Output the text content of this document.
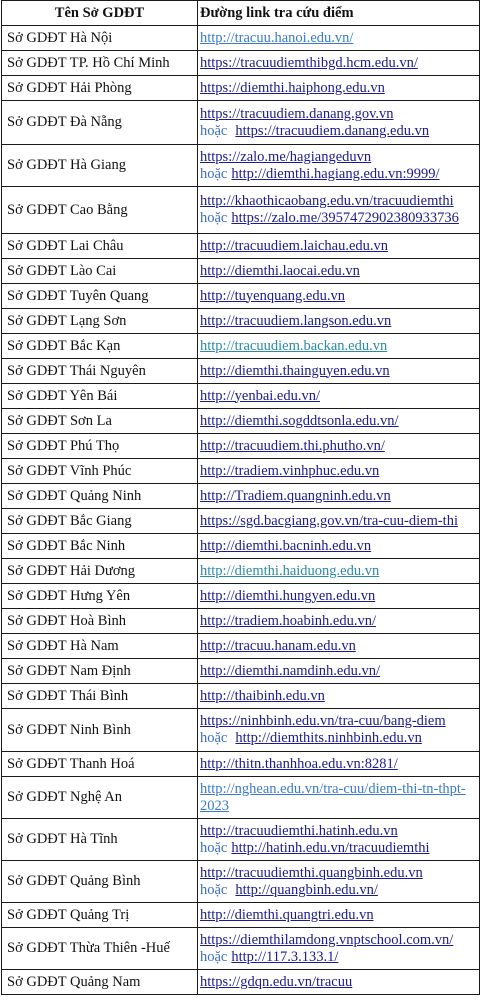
Tên Sở GDĐT	Đường link tra cứu điểm
Sở GDĐT Hà Nội	http://tracuu.hanoi.edu.vn/

Sở GDĐT TP. Hồ Chí Minh	https://tracuudiemthibgd.hcm.edu.vn/

Sở GDĐT Hải Phòng	https://diemthi.haiphong.edu.vn

Sở GDĐT Đà Nẵng	https://tracuudiem.danang.gov.vn
hoặc https://tracuudiem.danang.edu.vn

Sở GDĐT Hà Giang	https://zalo.me/hagiangeduvn
hoặc http://diemthi.hagiang.edu.vn:9999/

Sở GDĐT Cao Bằng	http://khaothicaobang.edu.vn/tracuudiemthi
hoặc https://zalo.me/3957472902380933736

Sở GDĐT Lai Châu	http://tracuudiem.laichau.edu.vn

Sở GDĐT Lào Cai	http://diemthi.laocai.edu.vn

Sở GDĐT Tuyên Quang	http://tuyenquang.edu.vn

Sở GDĐT Lạng Sơn	http://tracuudiem.langson.edu.vn

Sở GDĐT Bắc Kạn	http://tracuudiem.backan.edu.vn

Sở GDĐT Thái Nguyên	http://diemthi.thainguyen.edu.vn

Sở GDĐT Yên Bái	http://yenbai.edu.vn/

Sở GDĐT Sơn La	http://diemthi.sogddtsonla.edu.vn/

Sở GDĐT Phú Thọ	http://tracuudiem.thi.phutho.vn/

Sở GDĐT Vĩnh Phúc	http://tradiem.vinhphuc.edu.vn

Sở GDĐT Quảng Ninh	http://Tradiem.quangninh.edu.vn

Sở GDĐT Bắc Giang	https://sgd.bacgiang.gov.vn/tra-cuu-diem-thi

Sở GDĐT Bắc Ninh	http://diemthi.bacninh.edu.vn

Sở GDĐT Hải Dương	http://diemthi.haiduong.edu.vn

Sở GDĐT Hưng Yên	http://diemthi.hungyen.edu.vn

Sở GDĐT Hoà Bình	http://tradiem.hoabinh.edu.vn/

Sở GDĐT Hà Nam	http://tracuu.hanam.edu.vn

Sở GDĐT Nam Định	http://diemthi.namdinh.edu.vn/

Sở GDĐT Thái Bình	http://thaibinh.edu.vn

Sở GDĐT Ninh Bình	https://ninhbinh.edu.vn/tra-cuu/bang-diem
hoặc http://diemthits.ninhbinh.edu.vn

Sở GDĐT Thanh Hoá	http://thitn.thanhhoa.edu.vn:8281/

Sở GDĐT Nghệ An	http://nghean.edu.vn/tra-cuu/diem-thi-tn-thpt-2023

Sở GDĐT Hà Tĩnh	http://tracuudiemthi.hatinh.edu.vn
hoặc http://hatinh.edu.vn/tracuudiemthi

Sở GDĐT Quảng Bình	http://tracuudiemthi.quangbinh.edu.vn
hoặc http://quangbinh.edu.vn/

Sở GDĐT Quảng Trị	http://diemthi.quangtri.edu.vn

Sở GDĐT Thừa Thiên -Huế	https://diemthilamdong.vnptschool.com.vn/
hoặc http://117.3.133.1/

Sở GDĐT Quảng Nam	https://gdqn.edu.vn/tracuu
